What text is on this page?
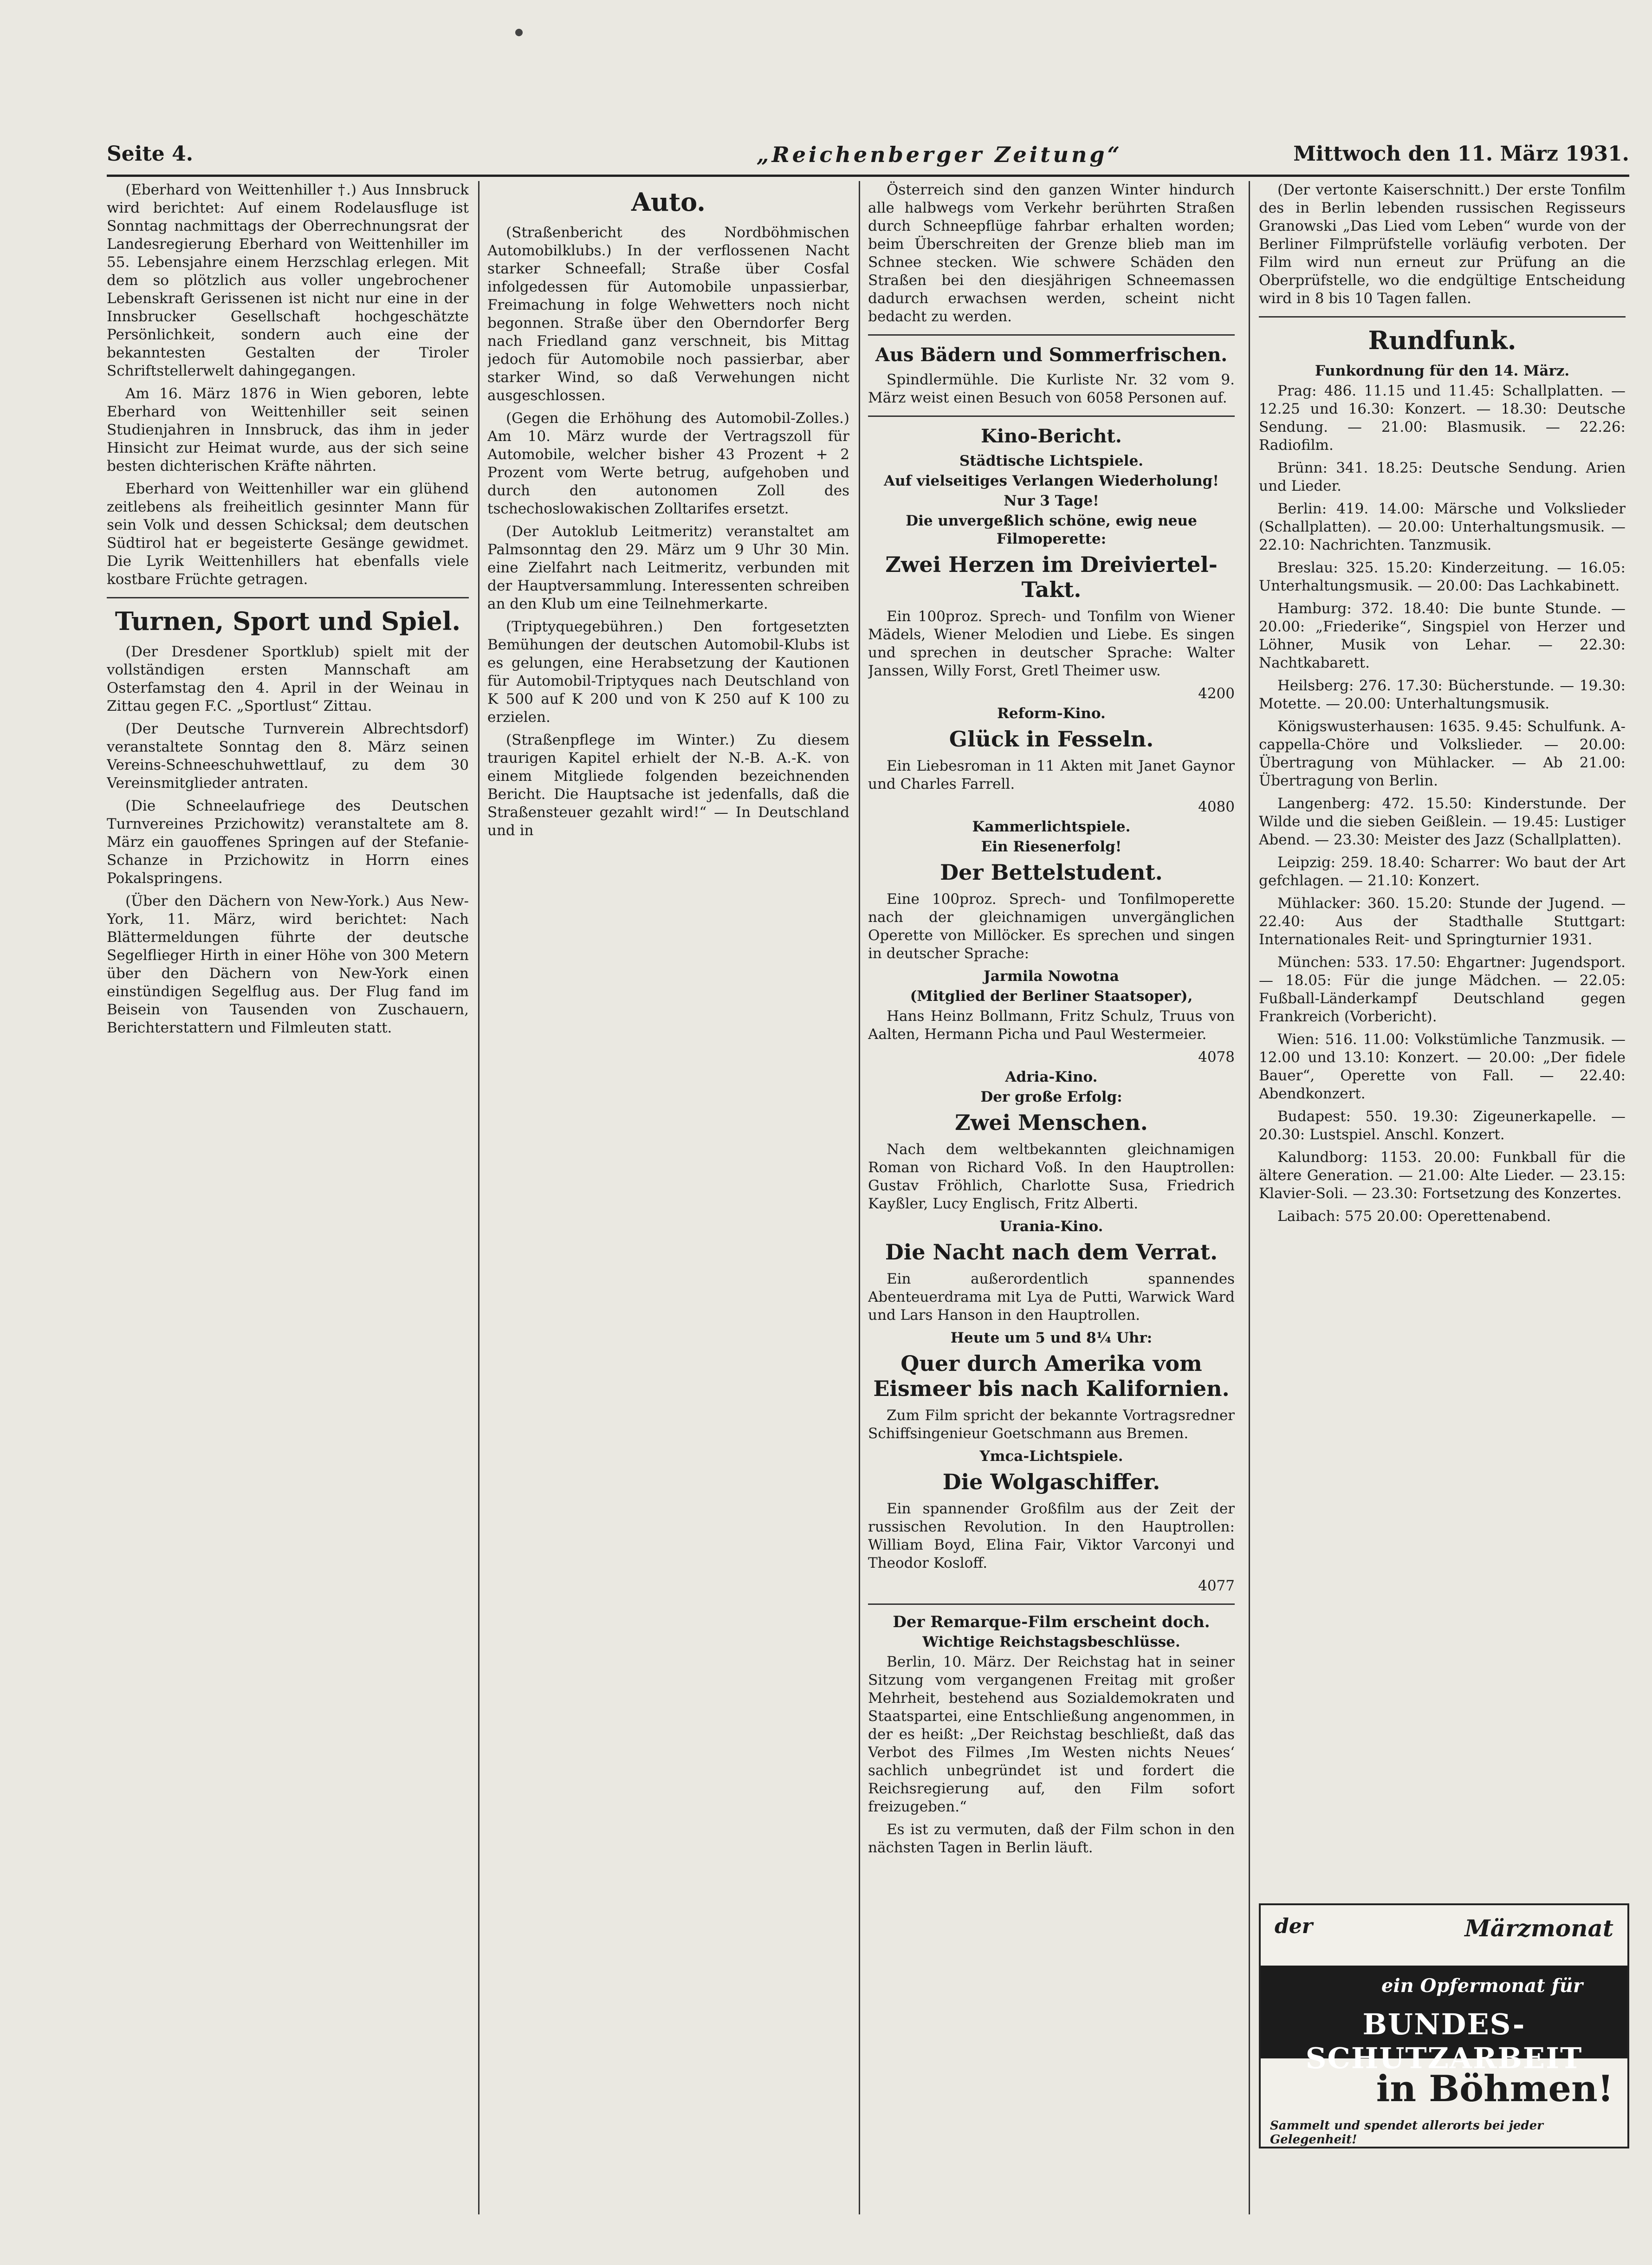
Seite 4.	„Reichenberger Zeitung“	Mittwoch den 11. März 1931.

(Eberhard von Weittenhiller †.) Aus Innsbruck wird berichtet: Auf einem Rodelausfluge ist Sonntag nachmittags der Oberrechnungsrat der Landesregierung Eberhard von Weittenhiller im 55. Lebensjahre einem Herzschlag erlegen. Mit dem so plötzlich aus voller ungebrochener Lebenskraft Gerissenen ist nicht nur eine in der Innsbrucker Gesellschaft hochgeschätzte Persönlichkeit, sondern auch eine der bekanntesten Gestalten der Tiroler Schriftstellerwelt dahingegangen.

Am 16. März 1876 in Wien geboren, lebte Eberhard von Weittenhiller seit seinen Studienjahren in Innsbruck, das ihm in jeder Hinsicht zur Heimat wurde, aus der sich seine besten dichterischen Kräfte nährten.

Eberhard von Weittenhiller war ein glühend zeitlebens als freiheitlich gesinnter Mann für sein Volk und dessen Schicksal; dem deutschen Südtirol hat er begeisterte Gesänge gewidmet. Die Lyrik Weittenhillers hat ebenfalls viele kostbare Früchte getragen.

Turnen, Sport und Spiel.

(Der Dresdener Sportklub) spielt mit der vollständigen ersten Mannschaft am Osterfamstag den 4. April in der Weinau in Zittau gegen F.C. „Sportlust“ Zittau.

(Der Deutsche Turnverein Albrechtsdorf) veranstaltete Sonntag den 8. März seinen Vereins-Schneeschuhwettlauf, zu dem 30 Vereinsmitglieder antraten.

(Die Schneelaufriege des Deutschen Turnvereines Przichowitz) veranstaltete am 8. März ein gauoffenes Springen auf der Stefanie-Schanze in Przichowitz in Horrn eines Pokalspringens.

(Über den Dächern von New-York.) Aus New-York, 11. März, wird berichtet: Nach Blättermeldungen führte der deutsche Segelflieger Hirth in einer Höhe von 300 Metern über den Dächern von New-York einen einstündigen Segelflug aus. Der Flug fand im Beisein von Tausenden von Zuschauern, Berichterstattern und Filmleuten statt.

Auto.

(Straßenbericht des Nordböhmischen Automobilklubs.) In der verflossenen Nacht starker Schneefall; Straße über Cosfal infolgedessen für Automobile unpassierbar, Freimachung in folge Wehwetters noch nicht begonnen. Straße über den Oberndorfer Berg nach Friedland ganz verschneit, bis Mittag jedoch für Automobile noch passierbar, aber starker Wind, so daß Verwehungen nicht ausgeschlossen.

(Gegen die Erhöhung des Automobil-Zolles.) Am 10. März wurde der Vertragszoll für Automobile, welcher bisher 43 Prozent + 2 Prozent vom Werte betrug, aufgehoben und durch den autonomen Zoll des tschechoslowakischen Zolltarifes ersetzt.

(Der Autoklub Leitmeritz) veranstaltet am Palmsonntag den 29. März um 9 Uhr 30 Min. eine Zielfahrt nach Leitmeritz, verbunden mit der Hauptversammlung. Interessenten schreiben an den Klub um eine Teilnehmerkarte.

(Triptyquegebühren.) Den fortgesetzten Bemühungen der deutschen Automobil-Klubs ist es gelungen, eine Herabsetzung der Kautionen für Automobil-Triptyques nach Deutschland von K 500 auf K 200 und von K 250 auf K 100 zu erzielen.

(Straßenpflege im Winter.) Zu diesem traurigen Kapitel erhielt der N.-B. A.-K. von einem Mitgliede folgenden bezeichnenden Bericht. Die Hauptsache ist jedenfalls, daß die Straßensteuer gezahlt wird!“ — In Deutschland und in

Österreich sind den ganzen Winter hindurch alle halbwegs vom Verkehr berührten Straßen durch Schneepflüge fahrbar erhalten worden; beim Überschreiten der Grenze blieb man im Schnee stecken. Wie schwere Schäden den Straßen bei den diesjährigen Schneemassen dadurch erwachsen werden, scheint nicht bedacht zu werden.

Aus Bädern und Sommerfrischen.

Spindlermühle. Die Kurliste Nr. 32 vom 9. März weist einen Besuch von 6058 Personen auf.

Kino-Bericht.
Städtische Lichtspiele.
Auf vielseitiges Verlangen Wiederholung!
Nur 3 Tage!
Die unvergeßlich schöne, ewig neue Filmoperette:
Zwei Herzen im Dreiviertel-Takt.

Ein 100proz. Sprech- und Tonfilm von Wiener Mädels, Wiener Melodien und Liebe. Es singen und sprechen in deutscher Sprache: Walter Janssen, Willy Forst, Gretl Theimer usw.

4200
Reform-Kino.
Glück in Fesseln.

Ein Liebesroman in 11 Akten mit Janet Gaynor und Charles Farrell.

4080
Kammerlichtspiele.
Ein Riesenerfolg!
Der Bettelstudent.

Eine 100proz. Sprech- und Tonfilmoperette nach der gleichnamigen unvergänglichen Operette von Millöcker. Es sprechen und singen in deutscher Sprache:

Jarmila Nowotna
(Mitglied der Berliner Staatsoper),

Hans Heinz Bollmann, Fritz Schulz, Truus von Aalten, Hermann Picha und Paul Westermeier.

4078
Adria-Kino.
Der große Erfolg:
Zwei Menschen.

Nach dem weltbekannten gleichnamigen Roman von Richard Voß. In den Hauptrollen: Gustav Fröhlich, Charlotte Susa, Friedrich Kayßler, Lucy Englisch, Fritz Alberti.

Urania-Kino.
Die Nacht nach dem Verrat.

Ein außerordentlich spannendes Abenteuerdrama mit Lya de Putti, Warwick Ward und Lars Hanson in den Hauptrollen.

Heute um 5 und 8¼ Uhr:
Quer durch Amerika vom Eismeer bis nach Kalifornien.

Zum Film spricht der bekannte Vortragsredner Schiffsingenieur Goetschmann aus Bremen.

Ymca-Lichtspiele.
Die Wolgaschiffer.

Ein spannender Großfilm aus der Zeit der russischen Revolution. In den Hauptrollen: William Boyd, Elina Fair, Viktor Varconyi und Theodor Kosloff.

4077
Der Remarque-Film erscheint doch.
Wichtige Reichstagsbeschlüsse.

Berlin, 10. März. Der Reichstag hat in seiner Sitzung vom vergangenen Freitag mit großer Mehrheit, bestehend aus Sozialdemokraten und Staatspartei, eine Entschließung angenommen, in der es heißt: „Der Reichstag beschließt, daß das Verbot des Filmes ‚Im Westen nichts Neues‘ sachlich unbegründet ist und fordert die Reichsregierung auf, den Film sofort freizugeben.“

Es ist zu vermuten, daß der Film schon in den nächsten Tagen in Berlin läuft.

(Der vertonte Kaiserschnitt.) Der erste Tonfilm des in Berlin lebenden russischen Regisseurs Granowski „Das Lied vom Leben“ wurde von der Berliner Filmprüfstelle vorläufig verboten. Der Film wird nun erneut zur Prüfung an die Oberprüfstelle, wo die endgültige Entscheidung wird in 8 bis 10 Tagen fallen.

Rundfunk.
Funkordnung für den 14. März.

Prag: 486. 11.15 und 11.45: Schallplatten. — 12.25 und 16.30: Konzert. — 18.30: Deutsche Sendung. — 21.00: Blasmusik. — 22.26: Radiofilm.

Brünn: 341. 18.25: Deutsche Sendung. Arien und Lieder.

Berlin: 419. 14.00: Märsche und Volkslieder (Schallplatten). — 20.00: Unterhaltungsmusik. — 22.10: Nachrichten. Tanzmusik.

Breslau: 325. 15.20: Kinderzeitung. — 16.05: Unterhaltungsmusik. — 20.00: Das Lachkabinett.

Hamburg: 372. 18.40: Die bunte Stunde. — 20.00: „Friederike“, Singspiel von Herzer und Löhner, Musik von Lehar. — 22.30: Nachtkabarett.

Heilsberg: 276. 17.30: Bücherstunde. — 19.30: Motette. — 20.00: Unterhaltungsmusik.

Königswusterhausen: 1635. 9.45: Schulfunk. A-cappella-Chöre und Volkslieder. — 20.00: Übertragung von Mühlacker. — Ab 21.00: Übertragung von Berlin.

Langenberg: 472. 15.50: Kinderstunde. Der Wilde und die sieben Geißlein. — 19.45: Lustiger Abend. — 23.30: Meister des Jazz (Schallplatten).

Leipzig: 259. 18.40: Scharrer: Wo baut der Art gefchlagen. — 21.10: Konzert.

Mühlacker: 360. 15.20: Stunde der Jugend. — 22.40: Aus der Stadthalle Stuttgart: Internationales Reit- und Springturnier 1931.

München: 533. 17.50: Ehgartner: Jugendsport. — 18.05: Für die junge Mädchen. — 22.05: Fußball-Länderkampf Deutschland gegen Frankreich (Vorbericht).

Wien: 516. 11.00: Volkstümliche Tanzmusik. — 12.00 und 13.10: Konzert. — 20.00: „Der fidele Bauer“, Operette von Fall. — 22.40: Abendkonzert.

Budapest: 550. 19.30: Zigeunerkapelle. — 20.30: Lustspiel. Anschl. Konzert.

Kalundborg: 1153. 20.00: Funkball für die ältere Generation. — 21.00: Alte Lieder. — 23.15: Klavier-Soli. — 23.30: Fortsetzung des Konzertes.

Laibach: 575 20.00: Operettenabend.

der	Märzmonat
ein Opfermonat für
BUNDES-SCHUTZARBEIT
in Böhmen!
Sammelt und spendet allerorts bei jeder Gelegenheit!
